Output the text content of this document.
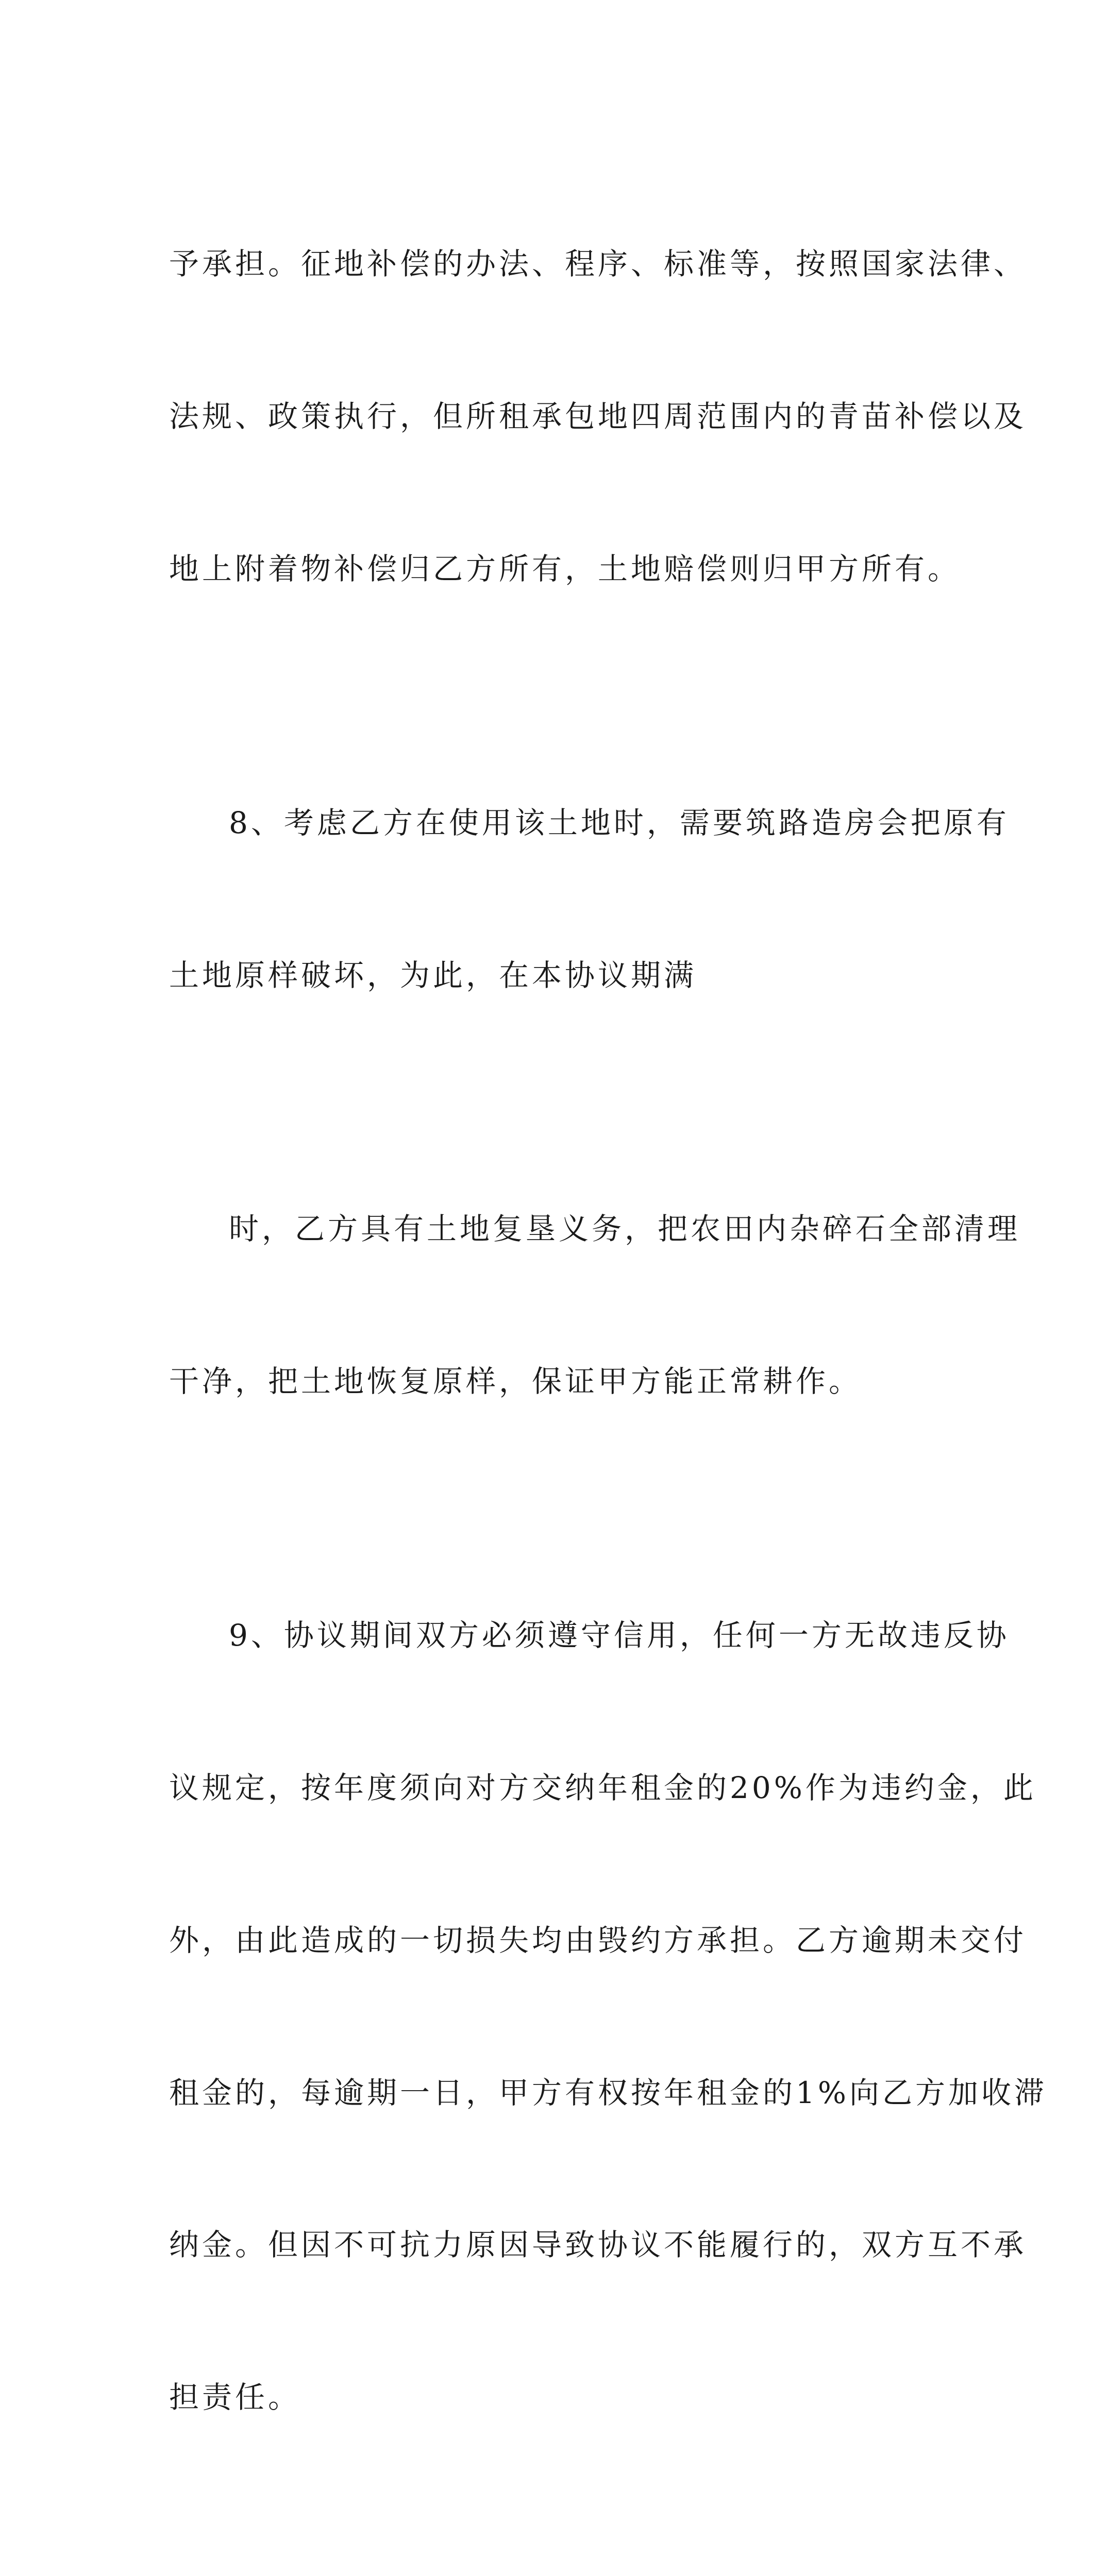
予承担。征地补偿的办法、程序、标准等，按照国家法律、

法规、政策执行，但所租承包地四周范围内的青苗补偿以及

地上附着物补偿归乙方所有，土地赔偿则归甲方所有。

8、考虑乙方在使用该土地时，需要筑路造房会把原有

土地原样破坏，为此，在本协议期满

时，乙方具有土地复垦义务，把农田内杂碎石全部清理

干净，把土地恢复原样，保证甲方能正常耕作。

9、协议期间双方必须遵守信用，任何一方无故违反协

议规定，按年度须向对方交纳年租金的20%作为违约金，此

外，由此造成的一切损失均由毁约方承担。乙方逾期未交付

租金的，每逾期一日，甲方有权按年租金的1%向乙方加收滞

纳金。但因不可抗力原因导致协议不能履行的，双方互不承

担责任。
